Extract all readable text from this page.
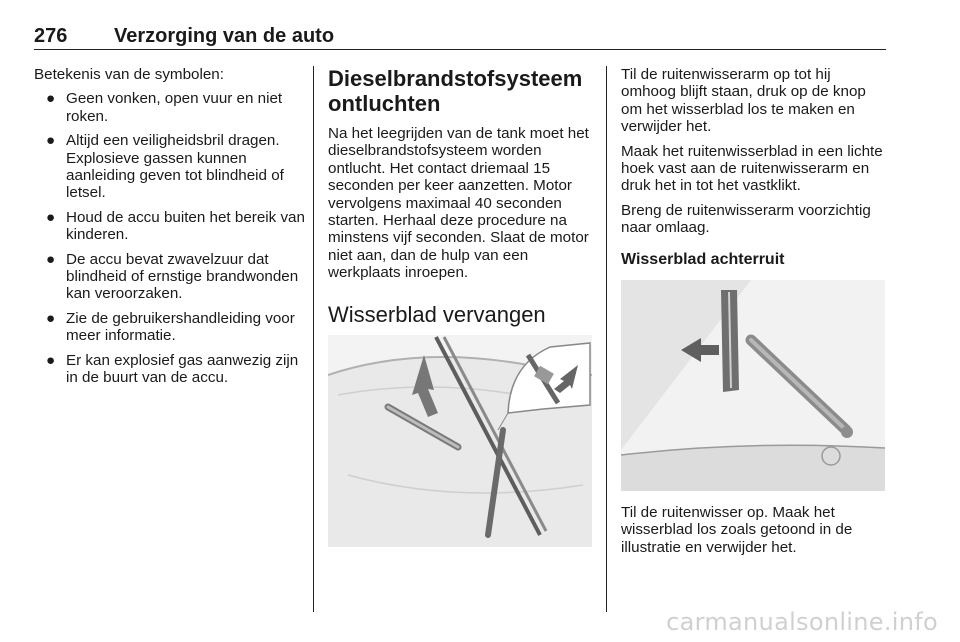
276 Verzorging van de auto

Betekenis van de symbolen:

● Geen vonken, open vuur en niet roken.
● Altijd een veiligheidsbril dragen. Explosieve gassen kunnen aanleiding geven tot blindheid of letsel.
● Houd de accu buiten het bereik van kinderen.
● De accu bevat zwavelzuur dat blindheid of ernstige brandwonden kan veroorzaken.
● Zie de gebruikershandleiding voor meer informatie.
● Er kan explosief gas aanwezig zijn in de buurt van de accu.
Dieselbrandstofsysteem ontluchten

Na het leegrijden van de tank moet het dieselbrandstofsysteem worden ontlucht. Het contact driemaal 15 seconden per keer aanzetten. Motor vervolgens maximaal 40 seconden starten. Herhaal deze procedure na minstens vijf seconden. Slaat de motor niet aan, dan de hulp van een werkplaats inroepen.

Wisserblad vervangen

Til de ruitenwisserarm op tot hij omhoog blijft staan, druk op de knop om het wisserblad los te maken en verwijder het.

Maak het ruitenwisserblad in een lichte hoek vast aan de ruitenwisserarm en druk het in tot het vastklikt.

Breng de ruitenwisserarm voorzichtig naar omlaag.

Wisserblad achterruit

Til de ruitenwisser op. Maak het wisserblad los zoals getoond in de illustratie en verwijder het.

carmanualsonline.info
